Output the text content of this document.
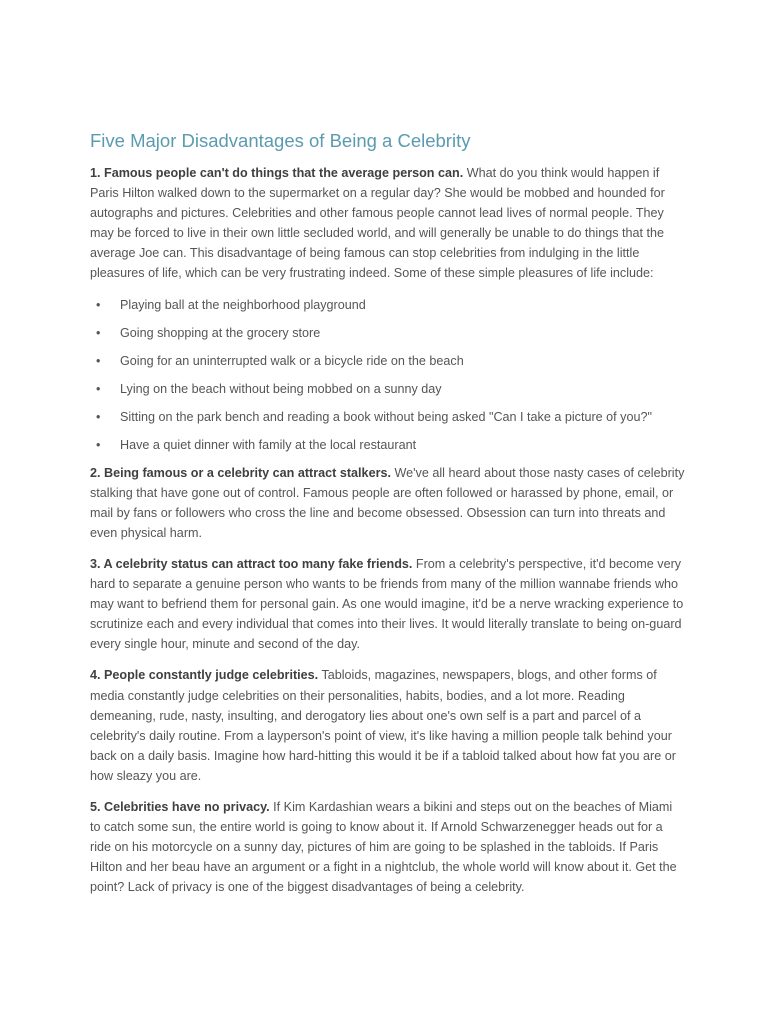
Five Major Disadvantages of Being a Celebrity

1. Famous people can't do things that the average person can. What do you think would happen if Paris Hilton walked down to the supermarket on a regular day? She would be mobbed and hounded for autographs and pictures. Celebrities and other famous people cannot lead lives of normal people. They may be forced to live in their own little secluded world, and will generally be unable to do things that the average Joe can. This disadvantage of being famous can stop celebrities from indulging in the little pleasures of life, which can be very frustrating indeed. Some of these simple pleasures of life include:

• Playing ball at the neighborhood playground
• Going shopping at the grocery store
• Going for an uninterrupted walk or a bicycle ride on the beach
• Lying on the beach without being mobbed on a sunny day
• Sitting on the park bench and reading a book without being asked "Can I take a picture of you?"
• Have a quiet dinner with family at the local restaurant

2. Being famous or a celebrity can attract stalkers. We've all heard about those nasty cases of celebrity stalking that have gone out of control. Famous people are often followed or harassed by phone, email, or mail by fans or followers who cross the line and become obsessed. Obsession can turn into threats and even physical harm.

3. A celebrity status can attract too many fake friends. From a celebrity's perspective, it'd become very hard to separate a genuine person who wants to be friends from many of the million wannabe friends who may want to befriend them for personal gain. As one would imagine, it'd be a nerve wracking experience to scrutinize each and every individual that comes into their lives. It would literally translate to being on-guard every single hour, minute and second of the day.

4. People constantly judge celebrities. Tabloids, magazines, newspapers, blogs, and other forms of media constantly judge celebrities on their personalities, habits, bodies, and a lot more. Reading demeaning, rude, nasty, insulting, and derogatory lies about one's own self is a part and parcel of a celebrity's daily routine. From a layperson's point of view, it's like having a million people talk behind your back on a daily basis. Imagine how hard-hitting this would it be if a tabloid talked about how fat you are or how sleazy you are.

5. Celebrities have no privacy. If Kim Kardashian wears a bikini and steps out on the beaches of Miami to catch some sun, the entire world is going to know about it. If Arnold Schwarzenegger heads out for a ride on his motorcycle on a sunny day, pictures of him are going to be splashed in the tabloids. If Paris Hilton and her beau have an argument or a fight in a nightclub, the whole world will know about it. Get the point? Lack of privacy is one of the biggest disadvantages of being a celebrity.
